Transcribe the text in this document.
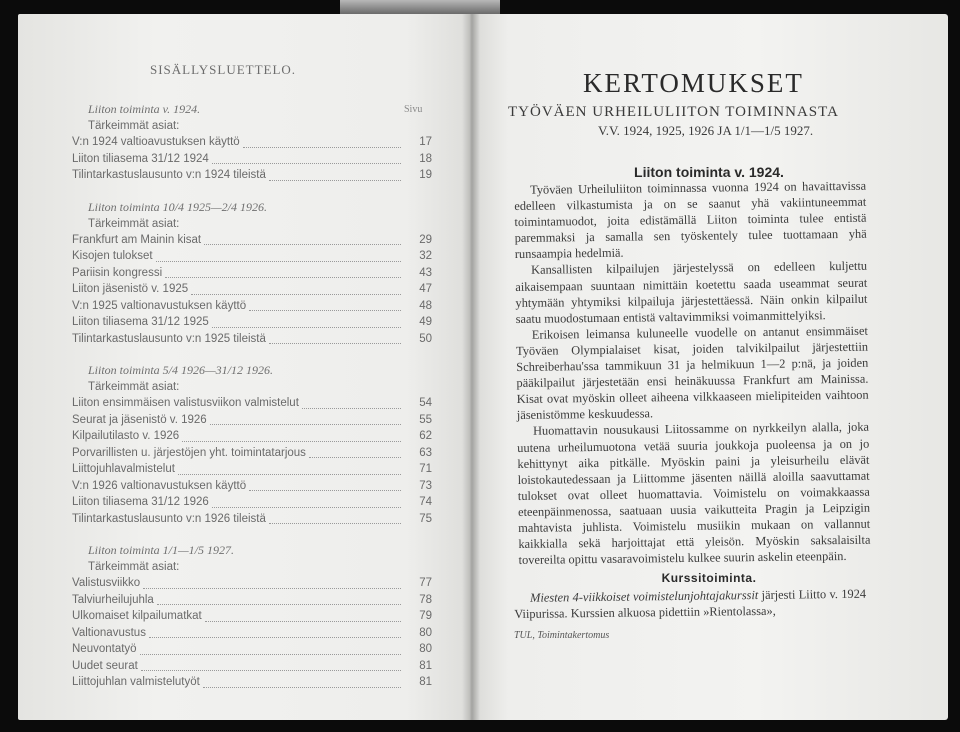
SISÄLLYSLUETTELO.
Sivu
Liiton toiminta v. 1924.
Tärkeimmät asiat:
V:n 1924 valtioavustuksen käyttö	17
Liiton tiliasema 31/12 1924	18
Tilintarkastuslausunto v:n 1924 tileistä	19
Liiton toiminta 10/4 1925—2/4 1926.
Tärkeimmät asiat:
Frankfurt am Mainin kisat	29
Kisojen tulokset	32
Pariisin kongressi	43
Liiton jäsenistö v. 1925	47
V:n 1925 valtionavustuksen käyttö	48
Liiton tiliasema 31/12 1925	49
Tilintarkastuslausunto v:n 1925 tileistä	50
Liiton toiminta 5/4 1926—31/12 1926.
Tärkeimmät asiat:
Liiton ensimmäisen valistusviikon valmistelut	54
Seurat ja jäsenistö v. 1926	55
Kilpailutilasto v. 1926	62
Porvarillisten u. järjestöjen yht. toimintatarjous	63
Liittojuhlavalmistelut	71
V:n 1926 valtionavustuksen käyttö	73
Liiton tiliasema 31/12 1926	74
Tilintarkastuslausunto v:n 1926 tileistä	75
Liiton toiminta 1/1—1/5 1927.
Tärkeimmät asiat:
Valistusviikko	77
Talviurheilujuhla	78
Ulkomaiset kilpailumatkat	79
Valtionavustus	80
Neuvontatyö	80
Uudet seurat	81
Liittojuhlan valmistelutyöt	81
KERTOMUKSET
TYÖVÄEN URHEILULIITON TOIMINNASTA
V.V. 1924, 1925, 1926 JA 1/1—1/5 1927.
Liiton toiminta v. 1924.

Työväen Urheiluliiton toiminnassa vuonna 1924 on havaittavissa edelleen vilkastumista ja on se saanut yhä vakiintuneemmat toimintamuodot, joita edistämällä Liiton toiminta tulee entistä paremmaksi ja samalla sen työskentely tulee tuottamaan yhä runsaampia hedelmiä.

Kansallisten kilpailujen järjestelyssä on edelleen kuljettu aikaisempaan suuntaan nimittäin koetettu saada useammat seurat yhtymään yhtymiksi kilpailuja järjestettäessä. Näin onkin kilpailut saatu muodostumaan entistä valtavimmiksi voimanmittelyiksi.

Erikoisen leimansa kuluneelle vuodelle on antanut ensimmäiset Työväen Olympialaiset kisat, joiden talvikilpailut järjestettiin Schreiberhau'ssa tammikuun 31 ja helmikuun 1—2 p:nä, ja joiden pääkilpailut järjestetään ensi heinäkuussa Frankfurt am Mainissa. Kisat ovat myöskin olleet aiheena vilkkaaseen mielipiteiden vaihtoon jäsenistömme keskuudessa.

Huomattavin nousukausi Liitossamme on nyrkkeilyn alalla, joka uutena urheilumuotona vetää suuria joukkoja puoleensa ja on jo kehittynyt aika pitkälle. Myöskin paini ja yleisurheilu elävät loistokautedessaan ja Liittomme jäsenten näillä aloilla saavuttamat tulokset ovat olleet huomattavia. Voimistelu on voimakkaassa eteenpäinmenossa, saatuaan uusia vaikutteita Pragin ja Leipzigin mahtavista juhlista. Voimistelu musiikin mukaan on vallannut kaikkialla sekä harjoittajat että yleisön. Myöskin saksalaisilta tovereilta opittu vasaravoimistelu kulkee suurin askelin eteenpäin.

Kurssitoiminta.

Miesten 4-viikkoiset voimistelunjohtajakurssit järjesti Liitto v. 1924 Viipurissa. Kurssien alkuosa pidettiin »Rientolassa»,

TUL, Toimintakertomus
